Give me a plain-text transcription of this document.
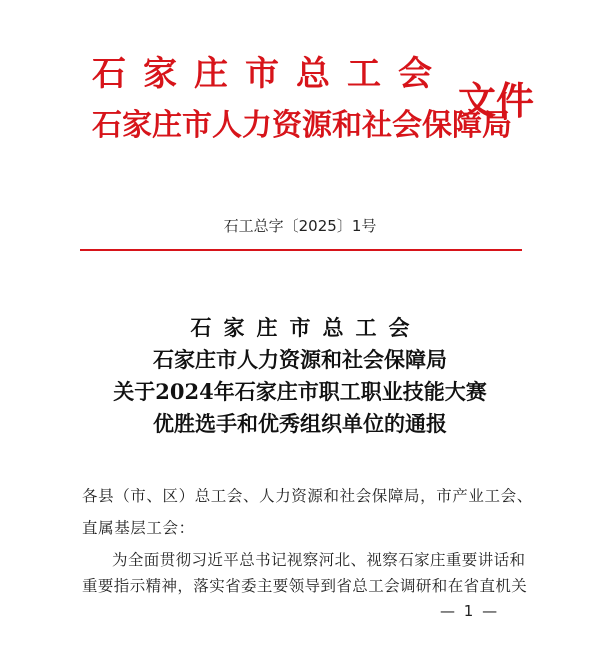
石家庄市总工会
石家庄市人力资源和社会保障局
文件
石工总字〔2025〕1号
石家庄市总工会
石家庄市人力资源和社会保障局
关于2024年石家庄市职工职业技能大赛
优胜选手和优秀组织单位的通报
各县（市、区）总工会、人力资源和社会保障局，市产业工会、
直属基层工会：
为全面贯彻习近平总书记视察河北、视察石家庄重要讲话和
重要指示精神，落实省委主要领导到省总工会调研和在省直机关
— 1 —
